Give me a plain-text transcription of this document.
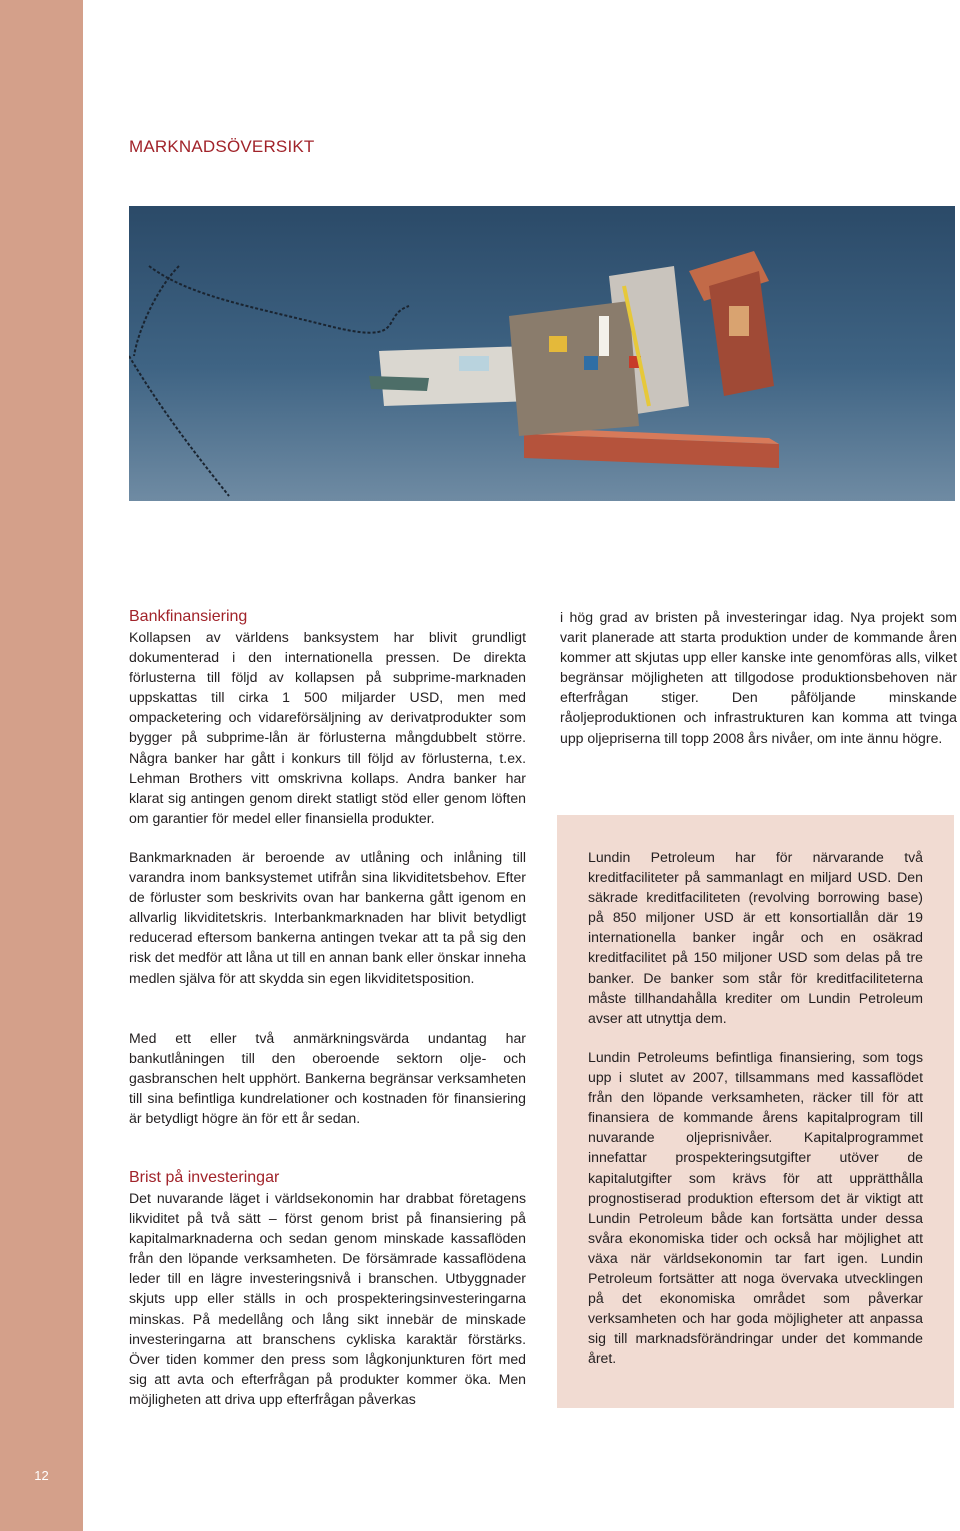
12
MARKNADSÖVERSIKT

Bankfinansiering

Kollapsen av världens banksystem har blivit grundligt dokumenterad i den internationella pressen. De direkta förlusterna till följd av kollapsen på subprime-marknaden uppskattas till cirka 1 500 miljarder USD, men med ompacketering och vidareförsäljning av derivatprodukter som bygger på subprime-lån är förlusterna mångdubbelt större. Några banker har gått i konkurs till följd av förlusterna, t.ex. Lehman Brothers vitt omskrivna kollaps. Andra banker har klarat sig antingen genom direkt statligt stöd eller genom löften om garantier för medel eller finansiella produkter.

Bankmarknaden är beroende av utlåning och inlåning till varandra inom banksystemet utifrån sina likviditetsbehov. Efter de förluster som beskrivits ovan har bankerna gått igenom en allvarlig likviditetskris. Interbankmarknaden har blivit betydligt reducerad eftersom bankerna antingen tvekar att ta på sig den risk det medför att låna ut till en annan bank eller önskar inneha medlen själva för att skydda sin egen likviditetsposition.

Med ett eller två anmärkningsvärda undantag har bankutlåningen till den oberoende sektorn olje- och gasbranschen helt upphört. Bankerna begränsar verksamheten till sina befintliga kundrelationer och kostnaden för finansiering är betydligt högre än för ett år sedan.

Brist på investeringar

Det nuvarande läget i världsekonomin har drabbat företagens likviditet på två sätt – först genom brist på finansiering på kapitalmarknaderna och sedan genom minskade kassaflöden från den löpande verksamheten. De försämrade kassaflödena leder till en lägre investeringsnivå i branschen. Utbyggnader skjuts upp eller ställs in och prospekteringsinvesteringarna minskas. På medellång och lång sikt innebär de minskade investeringarna att branschens cykliska karaktär förstärks. Över tiden kommer den press som lågkonjunkturen fört med sig att avta och efterfrågan på produkter kommer öka. Men möjligheten att driva upp efterfrågan påverkas

i hög grad av bristen på investeringar idag. Nya projekt som varit planerade att starta produktion under de kommande åren kommer att skjutas upp eller kanske inte genomföras alls, vilket begränsar möjligheten att tillgodose produktionsbehoven när efterfrågan stiger. Den påföljande minskande råoljeproduktionen och infrastrukturen kan komma att tvinga upp oljepriserna till topp 2008 års nivåer, om inte ännu högre.

Lundin Petroleum har för närvarande två kreditfaciliteter på sammanlagt en miljard USD. Den säkrade kreditfaciliteten (revolving borrowing base) på 850 miljoner USD är ett konsortiallån där 19 internationella banker ingår och en osäkrad kreditfacilitet på 150 miljoner USD som delas på tre banker. De banker som står för kreditfaciliteterna måste tillhandahålla krediter om Lundin Petroleum avser att utnyttja dem.

Lundin Petroleums befintliga finansiering, som togs upp i slutet av 2007, tillsammans med kassaflödet från den löpande verksamheten, räcker till för att finansiera de kommande årens kapitalprogram till nuvarande oljeprisnivåer. Kapitalprogrammet innefattar prospekteringsutgifter utöver de kapitalutgifter som krävs för att upprätthålla prognostiserad produktion eftersom det är viktigt att Lundin Petroleum både kan fortsätta under dessa svåra ekonomiska tider och också har möjlighet att växa när världsekonomin tar fart igen. Lundin Petroleum fortsätter att noga övervaka utvecklingen på det ekonomiska området som påverkar verksamheten och har goda möjligheter att anpassa sig till marknadsförändringar under det kommande året.
